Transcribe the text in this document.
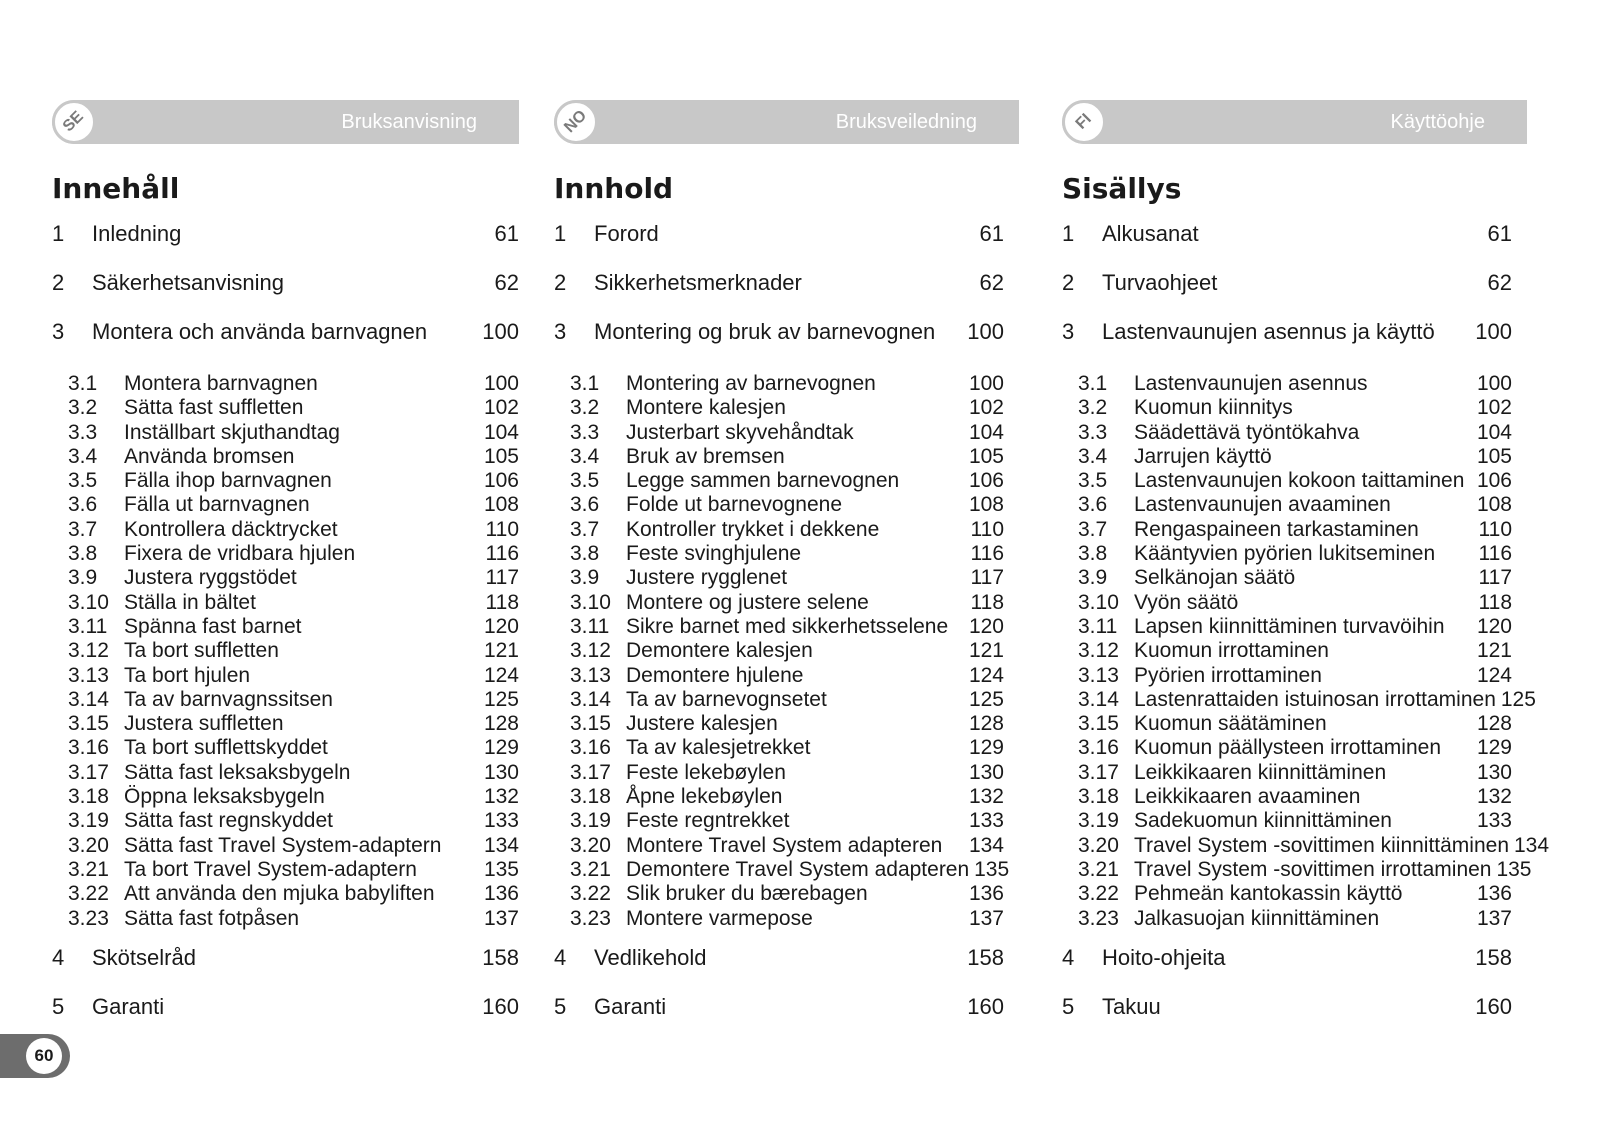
SE	Bruksanvisning
Innehåll
1	Inledning	61
2	Säkerhetsanvisning	62
3	Montera och använda barnvagnen	100
3.1	Montera barnvagnen	100
3.2	Sätta fast suffletten	102
3.3	Inställbart skjuthandtag	104
3.4	Använda bromsen	105
3.5	Fälla ihop barnvagnen	106
3.6	Fälla ut barnvagnen	108
3.7	Kontrollera däcktrycket	110
3.8	Fixera de vridbara hjulen	116
3.9	Justera ryggstödet	117
3.10 Ställa in bältet	118
3.11 Spänna fast barnet	120
3.12 Ta bort suffletten	121
3.13 Ta bort hjulen	124
3.14 Ta av barnvagnssitsen	125
3.15 Justera suffletten	128
3.16 Ta bort sufflettskyddet	129
3.17 Sätta fast leksaksbygeln	130
3.18 Öppna leksaksbygeln	132
3.19 Sätta fast regnskyddet	133
3.20 Sätta fast Travel System-adaptern	134
3.21 Ta bort Travel System-adaptern	135
3.22 Att använda den mjuka babyliften	136
3.23 Sätta fast fotpåsen	137
4	Skötselråd	158
5	Garanti	160
NO	Bruksveiledning
Innhold
1	Forord	61
2	Sikkerhetsmerknader	62
3	Montering og bruk av barnevognen	100
3.1	Montering av barnevognen	100
3.2	Montere kalesjen	102
3.3	Justerbart skyvehåndtak	104
3.4	Bruk av bremsen	105
3.5	Legge sammen barnevognen	106
3.6	Folde ut barnevognene	108
3.7	Kontroller trykket i dekkene	110
3.8	Feste svinghjulene	116
3.9	Justere rygglenet	117
3.10 Montere og justere selene	118
3.11 Sikre barnet med sikkerhetsselene 120
3.12 Demontere kalesjen	121
3.13 Demontere hjulene	124
3.14 Ta av barnevognsetet	125
3.15 Justere kalesjen	128
3.16 Ta av kalesjetrekket	129
3.17 Feste lekebøylen	130
3.18 Åpne lekebøylen	132
3.19 Feste regntrekket	133
3.20 Montere Travel System adapteren	134
3.21 Demontere Travel System adapteren 135
3.22 Slik bruker du bærebagen	136
3.23 Montere varmepose	137
4	Vedlikehold	158
5	Garanti	160
FI	Käyttöohje
Sisällys
1	Alkusanat	61
2	Turvaohjeet	62
3	Lastenvaunujen asennus ja käyttö	100
3.1	Lastenvaunujen asennus	100
3.2	Kuomun kiinnitys	102
3.3	Säädettävä työntökahva	104
3.4	Jarrujen käyttö	105
3.5	Lastenvaunujen kokoon taittaminen 106
3.6	Lastenvaunujen avaaminen	108
3.7	Rengaspaineen tarkastaminen	110
3.8	Kääntyvien pyörien lukitseminen	116
3.9	Selkänojan säätö	117
3.10 Vyön säätö	118
3.11 Lapsen kiinnittäminen turvavöihin	120
3.12 Kuomun irrottaminen	121
3.13 Pyörien irrottaminen	124
3.14 Lastenrattaiden istuinosan irrottaminen 125
3.15 Kuomun säätäminen	128
3.16 Kuomun päällysteen irrottaminen	129
3.17 Leikkikaaren kiinnittäminen	130
3.18 Leikkikaaren avaaminen	132
3.19 Sadekuomun kiinnittäminen	133
3.20 Travel System -sovittimen kiinnittäminen 134
3.21 Travel System -sovittimen irrottaminen 135
3.22 Pehmeän kantokassin käyttö	136
3.23 Jalkasuojan kiinnittäminen	137
4	Hoito-ohjeita	158
5	Takuu	160
60
